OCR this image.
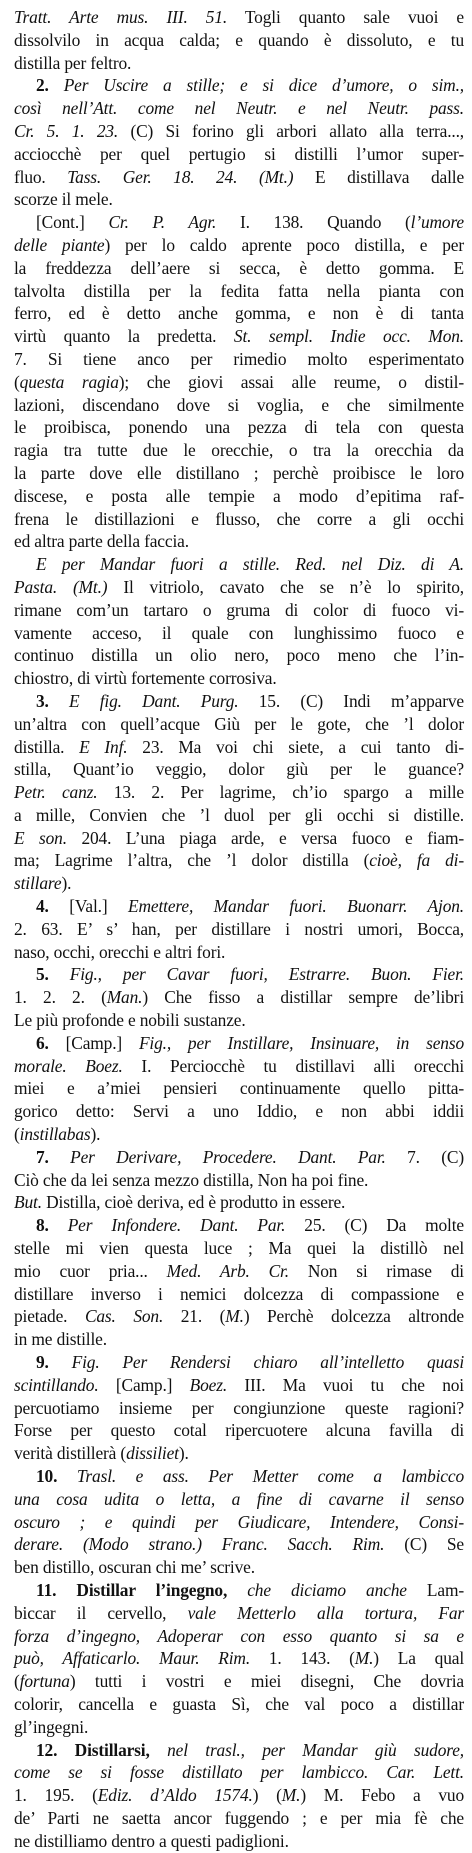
Tratt. Arte mus. III. 51. Togli quanto sale vuoi e
dissolvilo in acqua calda; e quando è dissoluto, e tu
distilla per feltro.
2. Per Uscire a stille; e si dice d’umore, o sim.,
così nell’Att. come nel Neutr. e nel Neutr. pass.
Cr. 5. 1. 23. (C) Si forino gli arbori allato alla terra...,
acciocchè per quel pertugio si distilli l’umor super-
fluo. Tass. Ger. 18. 24. (Mt.) E distillava dalle
scorze il mele.
[Cont.] Cr. P. Agr. I. 138. Quando (l’umore
delle piante) per lo caldo aprente poco distilla, e per
la freddezza dell’aere si secca, è detto gomma. E
talvolta distilla per la fedita fatta nella pianta con
ferro, ed è detto anche gomma, e non è di tanta
virtù quanto la predetta. St. sempl. Indie occ. Mon.
7. Si tiene anco per rimedio molto esperimentato
(questa ragia); che giovi assai alle reume, o distil-
lazioni, discendano dove si voglia, e che similmente
le proibisca, ponendo una pezza di tela con questa
ragia tra tutte due le orecchie, o tra la orecchia da
la parte dove elle distillano ; perchè proibisce le loro
discese, e posta alle tempie a modo d’epitima raf-
frena le distillazioni e flusso, che corre a gli occhi
ed altra parte della faccia.
E per Mandar fuori a stille. Red. nel Diz. di A.
Pasta. (Mt.) Il vitriolo, cavato che se n’è lo spirito,
rimane com’un tartaro o gruma di color di fuoco vi-
vamente acceso, il quale con lunghissimo fuoco e
continuo distilla un olio nero, poco meno che l’in-
chiostro, di virtù fortemente corrosiva.
3. E fig. Dant. Purg. 15. (C) Indi m’apparve
un’altra con quell’acque Giù per le gote, che ’l dolor
distilla. E Inf. 23. Ma voi chi siete, a cui tanto di-
stilla, Quant’io veggio, dolor giù per le guance?
Petr. canz. 13. 2. Per lagrime, ch’io spargo a mille
a mille, Convien che ’l duol per gli occhi si distille.
E son. 204. L’una piaga arde, e versa fuoco e fiam-
ma; Lagrime l’altra, che ’l dolor distilla (cioè, fa di-
stillare).
4. [Val.] Emettere, Mandar fuori. Buonarr. Ajon.
2. 63. E’ s’ han, per distillare i nostri umori, Bocca,
naso, occhi, orecchi e altri fori.
5. Fig., per Cavar fuori, Estrarre. Buon. Fier.
1. 2. 2. (Man.) Che fisso a distillar sempre de’libri
Le più profonde e nobili sustanze.
6. [Camp.] Fig., per Instillare, Insinuare, in senso
morale. Boez. I. Perciocchè tu distillavi alli orecchi
miei e a’miei pensieri continuamente quello pitta-
gorico detto: Servi a uno Iddio, e non abbi iddii
(instillabas).
7. Per Derivare, Procedere. Dant. Par. 7. (C)
Ciò che da lei senza mezzo distilla, Non ha poi fine.
But. Distilla, cioè deriva, ed è produtto in essere.
8. Per Infondere. Dant. Par. 25. (C) Da molte
stelle mi vien questa luce ; Ma quei la distillò nel
mio cuor pria... Med. Arb. Cr. Non si rimase di
distillare inverso i nemici dolcezza di compassione e
pietade. Cas. Son. 21. (M.) Perchè dolcezza altronde
in me distille.
9. Fig. Per Rendersi chiaro all’intelletto quasi
scintillando. [Camp.] Boez. III. Ma vuoi tu che noi
percuotiamo insieme per congiunzione queste ragioni?
Forse per questo cotal ripercuotere alcuna favilla di
verità distillerà (dissiliet).
10. Trasl. e ass. Per Metter come a lambicco
una cosa udita o letta, a fine di cavarne il senso
oscuro ; e quindi per Giudicare, Intendere, Consi-
derare. (Modo strano.) Franc. Sacch. Rim. (C) Se
ben distillo, oscuran chi me’ scrive.
11. Distillar l’ingegno, che diciamo anche Lam-
biccar il cervello, vale Metterlo alla tortura, Far
forza d’ingegno, Adoperar con esso quanto si sa e
può, Affaticarlo. Maur. Rim. 1. 143. (M.) La qual
(fortuna) tutti i vostri e miei disegni, Che dovria
colorir, cancella e guasta Sì, che val poco a distillar
gl’ingegni.
12. Distillarsi, nel trasl., per Mandar giù sudore,
come se si fosse distillato per lambicco. Car. Lett.
1. 195. (Ediz. d’Aldo 1574.) (M.) M. Febo a vuo
de’ Parti ne saetta ancor fuggendo ; e per mia fè che
ne distilliamo dentro a questi padiglioni.
